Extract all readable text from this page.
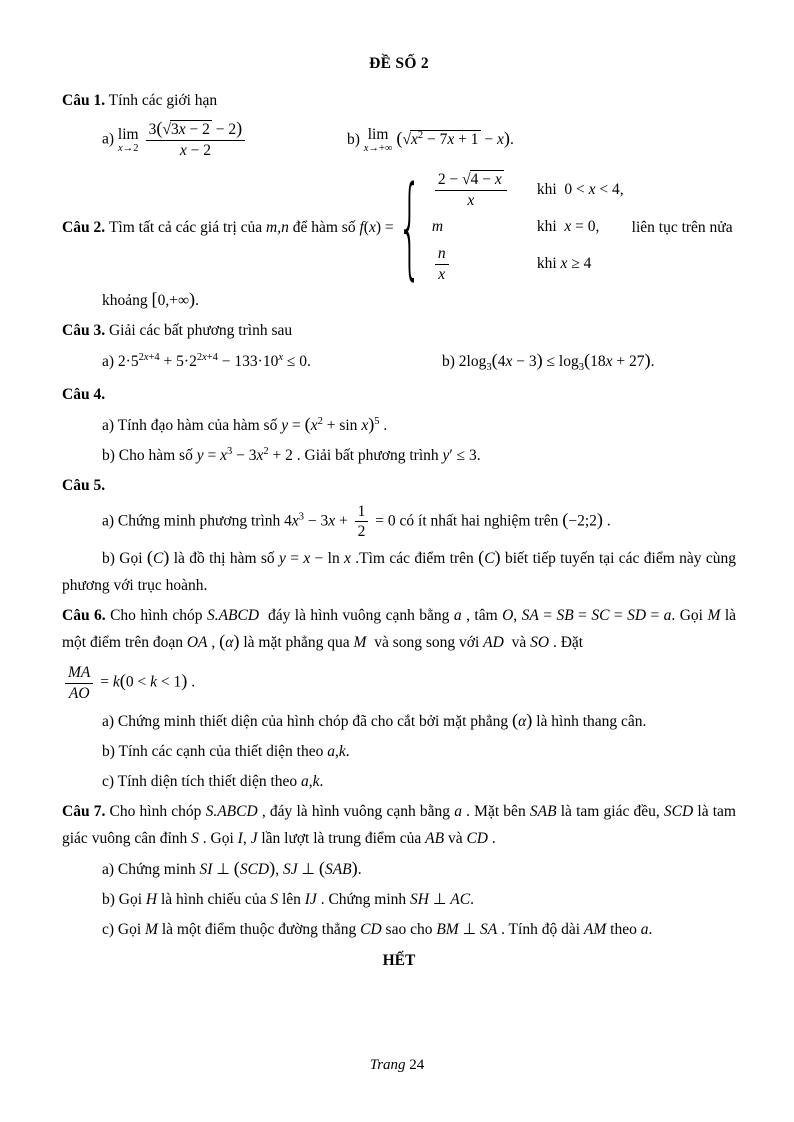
ĐỀ SỐ 2
Câu 1. Tính các giới hạn
a) lim
$x\to 2 \frac{3(√3x - 2 - 2)}{x - 2}$	b) lim
x→+∞
$(√x^2 - 7x + 1 - x)$.
Câu 2.
Tìm tất cả các giá trị của m,n để hàm số f(x) = { $\frac{2 - √4 - x}{x}$ khi  0 < x < 4,
m	khi  x = 0,
$\frac{n}{x}$	khi x ≥ 4
liên tục trên nửa
khoảng [0,+∞).
Câu 3. Giải các bất phương trình sau
a) $2\cdot 5^{2x+4} + 5\cdot 2^{2x+4} - 133\cdot 10^x \le 0$.	b) $2\log_3(4x - 3) \le \log_3(18x + 27)$.
Câu 4.
a) Tính đạo hàm của hàm số $y = (x^2 + \sin x)^5$ .
b) Cho hàm số $y = x^3 - 3x^2 + 2$ . Giải bất phương trình y′ ≤ 3.
Câu 5.
a) Chứng minh phương trình $4x^3 - 3x + \frac{1}{2} = 0$ có ít nhất hai nghiệm trên (−2;2) .
b) Gọi (C) là đồ thị hàm số y = x − ln x .Tìm các điểm trên (C) biết tiếp tuyến tại các điểm này cùng phương với trục hoành.
Câu 6. Cho hình chóp S.ABCD  đáy là hình vuông cạnh bằng a , tâm O, SA = SB = SC = SD = a. Gọi M là một điểm trên đoạn OA , (α) là mặt phẳng qua M  và song song với AD  và SO . Đặt
$\frac{MA}{AO} = k(0 < k < 1)$ .
a) Chứng minh thiết diện của hình chóp đã cho cắt bởi mặt phẳng (α) là hình thang cân.
b) Tính các cạnh của thiết diện theo a,k.
c) Tính diện tích thiết diện theo a,k.
Câu 7. Cho hình chóp S.ABCD , đáy là hình vuông cạnh bằng a . Mặt bên SAB là tam giác đều, SCD là tam giác vuông cân đỉnh S . Gọi I, J lần lượt là trung điểm của AB và CD .
a) Chứng minh SI ⊥ (SCD), SJ ⊥ (SAB).
b) Gọi H là hình chiếu của S lên IJ . Chứng minh SH ⊥ AC.
c) Gọi M là một điểm thuộc đường thẳng CD sao cho BM ⊥ SA . Tính độ dài AM theo a.
HẾT
Trang 24
